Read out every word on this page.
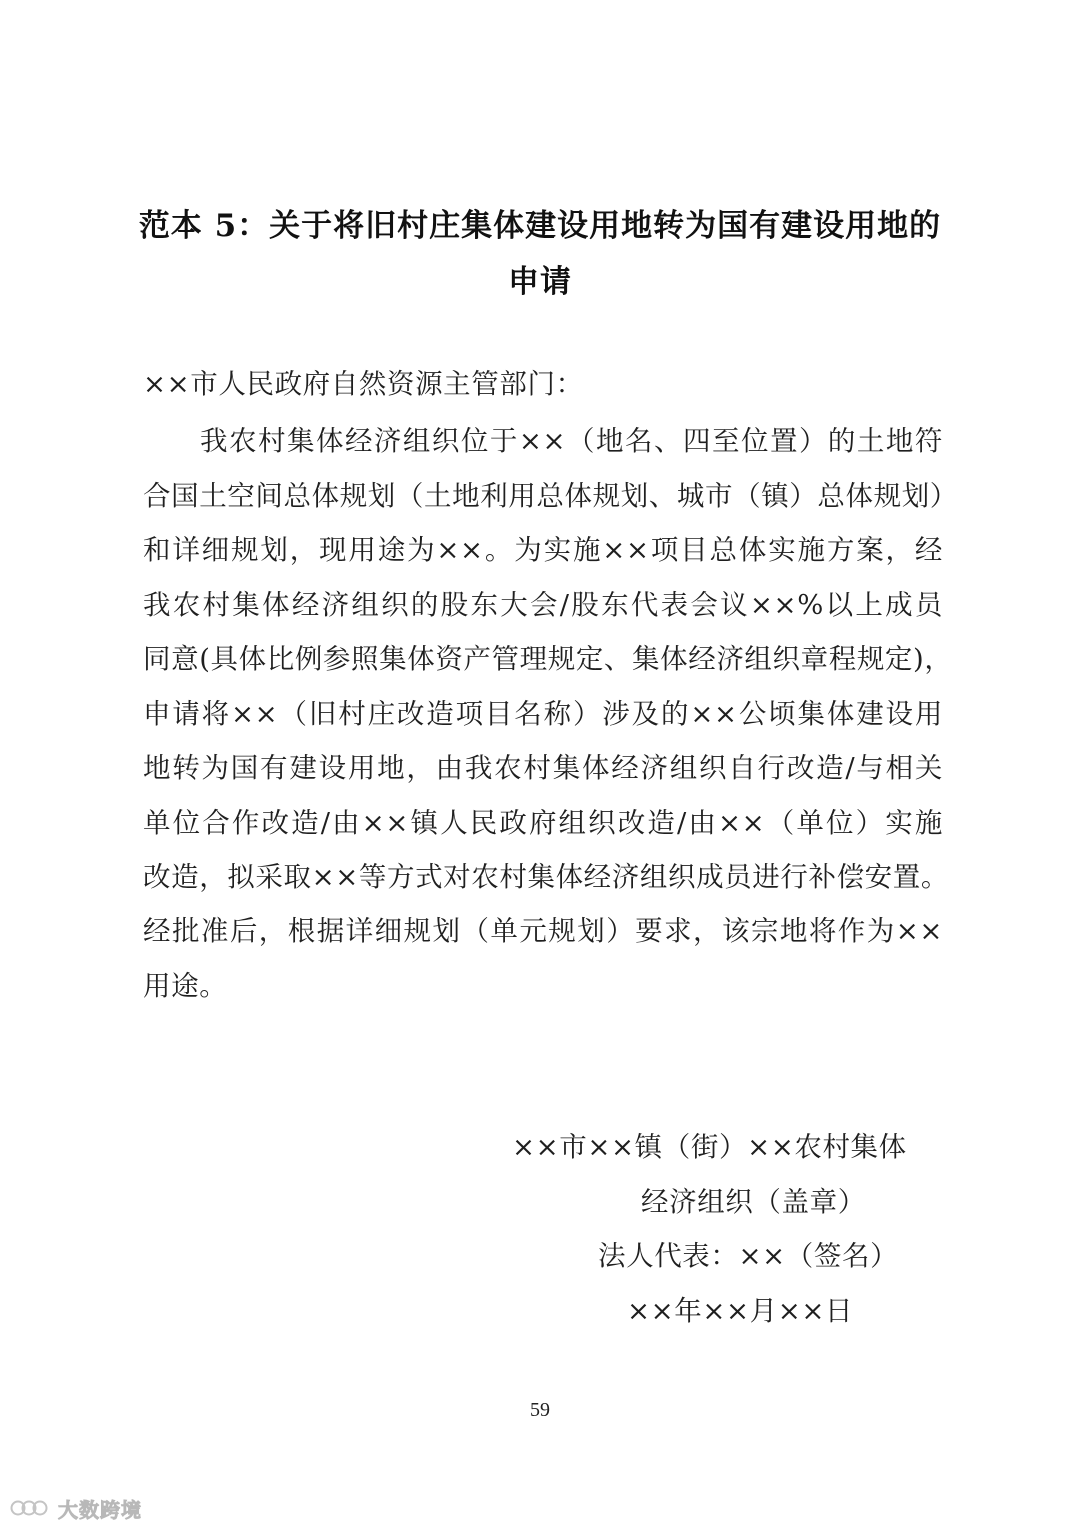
范本 5：关于将旧村庄集体建设用地转为国有建设用地的
申请

××市人民政府自然资源主管部门：

我农村集体经济组织位于××（地名、四至位置）的土地符

合国土空间总体规划（土地利用总体规划、城市（镇）总体规划）

和详细规划，现用途为××。为实施××项目总体实施方案，经

我农村集体经济组织的股东大会/股东代表会议××%以上成员

同意(具体比例参照集体资产管理规定、集体经济组织章程规定)，

申请将××（旧村庄改造项目名称）涉及的××公顷集体建设用

地转为国有建设用地，由我农村集体经济组织自行改造/与相关

单位合作改造/由××镇人民政府组织改造/由××（单位）实施

改造，拟采取××等方式对农村集体经济组织成员进行补偿安置。

经批准后，根据详细规划（单元规划）要求，该宗地将作为××

用途。

××市××镇（街）××农村集体

经济组织（盖章）

法人代表：××（签名）

××年××月××日

59
大数跨境
